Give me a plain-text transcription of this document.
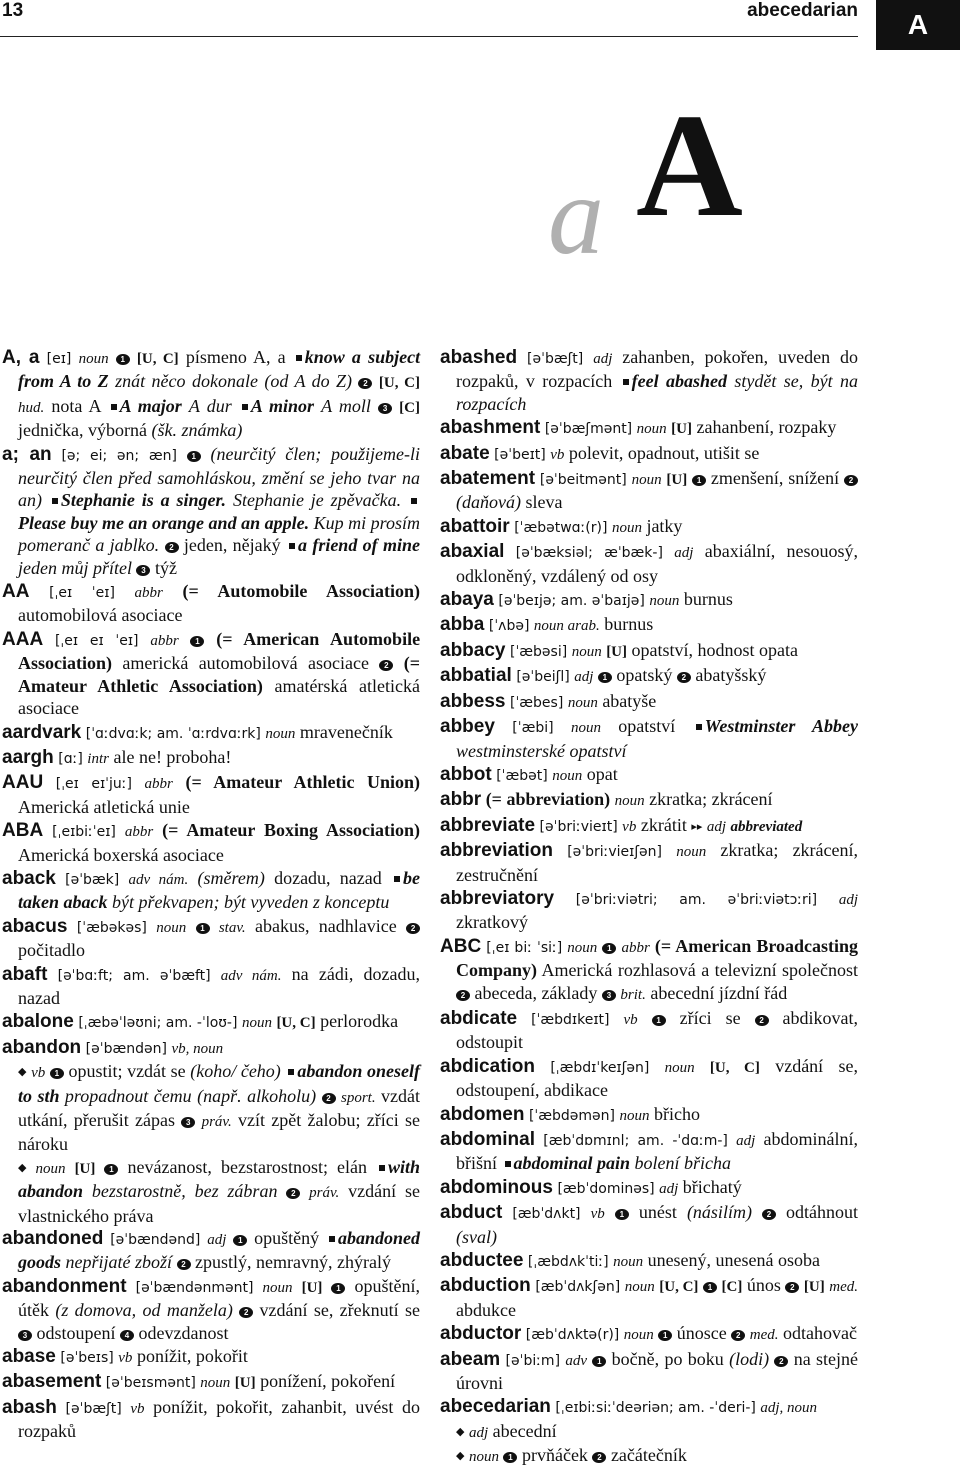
13	abecedarian	A
a A

A, a [eɪ] noun 1 [U, C] písmeno A, a know a subject from A to Z znát něco dokonale (od A do Z) 2 [U, C] hud. nota A A major A dur A minor A moll 3 [C] jednička, výborná (šk. známka)

a; an [ə; ei; ən; æn] 1 (neurčitý člen; použijeme-li neurčitý člen před samohláskou, změní se jeho tvar na an) Stephanie is a singer. Stephanie je zpěvačka. Please buy me an orange and an apple. Kup mi prosím pomeranč a jablko. 2 jeden, nějaký a friend of mine jeden můj přítel 3 týž

AA [ˌeɪ ˈeɪ] abbr (= Automobile Association) automobilová asociace

AAA [ˌeɪ eɪ ˈeɪ] abbr 1 (= American Automobile Association) americká automobilová asociace 2 (= Amateur Athletic Association) amatérská atletická asociace

aardvark [ˈɑːdvɑːk; am. ˈɑːrdvɑːrk] noun mravenečník

aargh [ɑː] intr ale ne! proboha!

AAU [ˌeɪ eɪˈjuː] abbr (= Amateur Athletic Union) Americká atletická unie

ABA [ˌeɪbiːˈeɪ] abbr (= Amateur Boxing Association) Americká boxerská asociace

aback [əˈbæk] adv nám. (směrem) dozadu, nazad be taken aback být překvapen; být vyveden z konceptu

abacus [ˈæbəkəs] noun 1 stav. abakus, nadhlavice 2 počitadlo

abaft [əˈbɑːft; am. əˈbæft] adv nám. na zádi, dozadu, nazad

abalone [ˌæbəˈləʊni; am. -ˈloʊ-] noun [U, C] perlorodka

abandon [əˈbændən] vb, noun

◆ vb 1 opustit; vzdát se (koho/ čeho) abandon oneself to sth propadnout čemu (např. alkoholu) 2 sport. vzdát utkání, přerušit zápas 3 práv. vzít zpět žalobu; zříci se nároku

◆ noun [U] 1 nevázanost, bezstarostnost; elán with abandon bezstarostně, bez zábran 2 práv. vzdání se vlastnického práva

abandoned [əˈbændənd] adj 1 opuštěný abandoned goods nepřijaté zboží 2 zpustlý, nemravný, zhýralý

abandonment [əˈbændənmənt] noun [U] 1 opuštění, útěk (z domova, od manžela) 2 vzdání se, zřeknutí se 3 odstoupení 4 odevzdanost

abase [əˈbeɪs] vb ponížit, pokořit

abasement [əˈbeɪsmənt] noun [U] ponížení, pokoření

abash [əˈbæʃt] vb ponížit, pokořit, zahanbit, uvést do rozpaků

abashed [əˈbæʃt] adj zahanben, pokořen, uveden do rozpaků, v rozpacích feel abashed stydět se, být na rozpacích

abashment [əˈbæʃmənt] noun [U] zahanbení, rozpaky

abate [əˈbeɪt] vb polevit, opadnout, utišit se

abatement [əˈbeitmənt] noun [U] 1 zmenšení, snížení 2 (daňová) sleva

abattoir [ˈæbətwɑː(r)] noun jatky

abaxial [əˈbæksiəl; æˈbæk-] adj abaxiální, nesouosý, odkloněný, vzdálený od osy

abaya [əˈbeɪjə; am. əˈbaɪjə] noun burnus

abba [ˈʌbə] noun arab. burnus

abbacy [ˈæbəsi] noun [U] opatství, hodnost opata

abbatial [əˈbeiʃl] adj 1 opatský 2 abatyšský

abbess [ˈæbes] noun abatyše

abbey [ˈæbi] noun opatství Westminster Abbey westminsterské opatství

abbot [ˈæbət] noun opat

abbr (= abbreviation) noun zkratka; zkrácení

abbreviate [əˈbriːvieɪt] vb zkrátit ▸▸ adj abbreviated

abbreviation [əˈbriːvieɪʃən] noun zkratka; zkrácení, zestručnění

abbreviatory [əˈbriːviətri; am. əˈbriːviətɔːri] adj zkratkový

ABC [ˌeɪ biː ˈsiː] noun 1 abbr (= American Broadcasting Company) Americká rozhlasová a televizní společnost 2 abeceda, základy 3 brit. abecední jízdní řád

abdicate [ˈæbdɪkeɪt] vb 1 zříci se 2 abdikovat, odstoupit

abdication [ˌæbdɪˈkeɪʃən] noun [U, C] vzdání se, odstoupení, abdikace

abdomen [ˈæbdəmən] noun břicho

abdominal [æbˈdɒmɪnl; am. -ˈdɑːm-] adj abdominální, břišní abdominal pain bolení břicha

abdominous [æbˈdominəs] adj břichatý

abduct [æbˈdʌkt] vb 1 unést (násilím) 2 odtáhnout (sval)

abductee [ˌæbdʌkˈtiː] noun unesený, unesená osoba

abduction [æbˈdʌkʃən] noun [U, C] 1 [C] únos 2 [U] med. abdukce

abductor [æbˈdʌktə(r)] noun 1 únosce 2 med. odtahovač

abeam [əˈbiːm] adv 1 bočně, po boku (lodi) 2 na stejné úrovni

abecedarian [ˌeɪbiːsiːˈdeəriən; am. -ˈderi-] adj, noun

◆ adj abecední

◆ noun 1 prvňáček 2 začátečník
